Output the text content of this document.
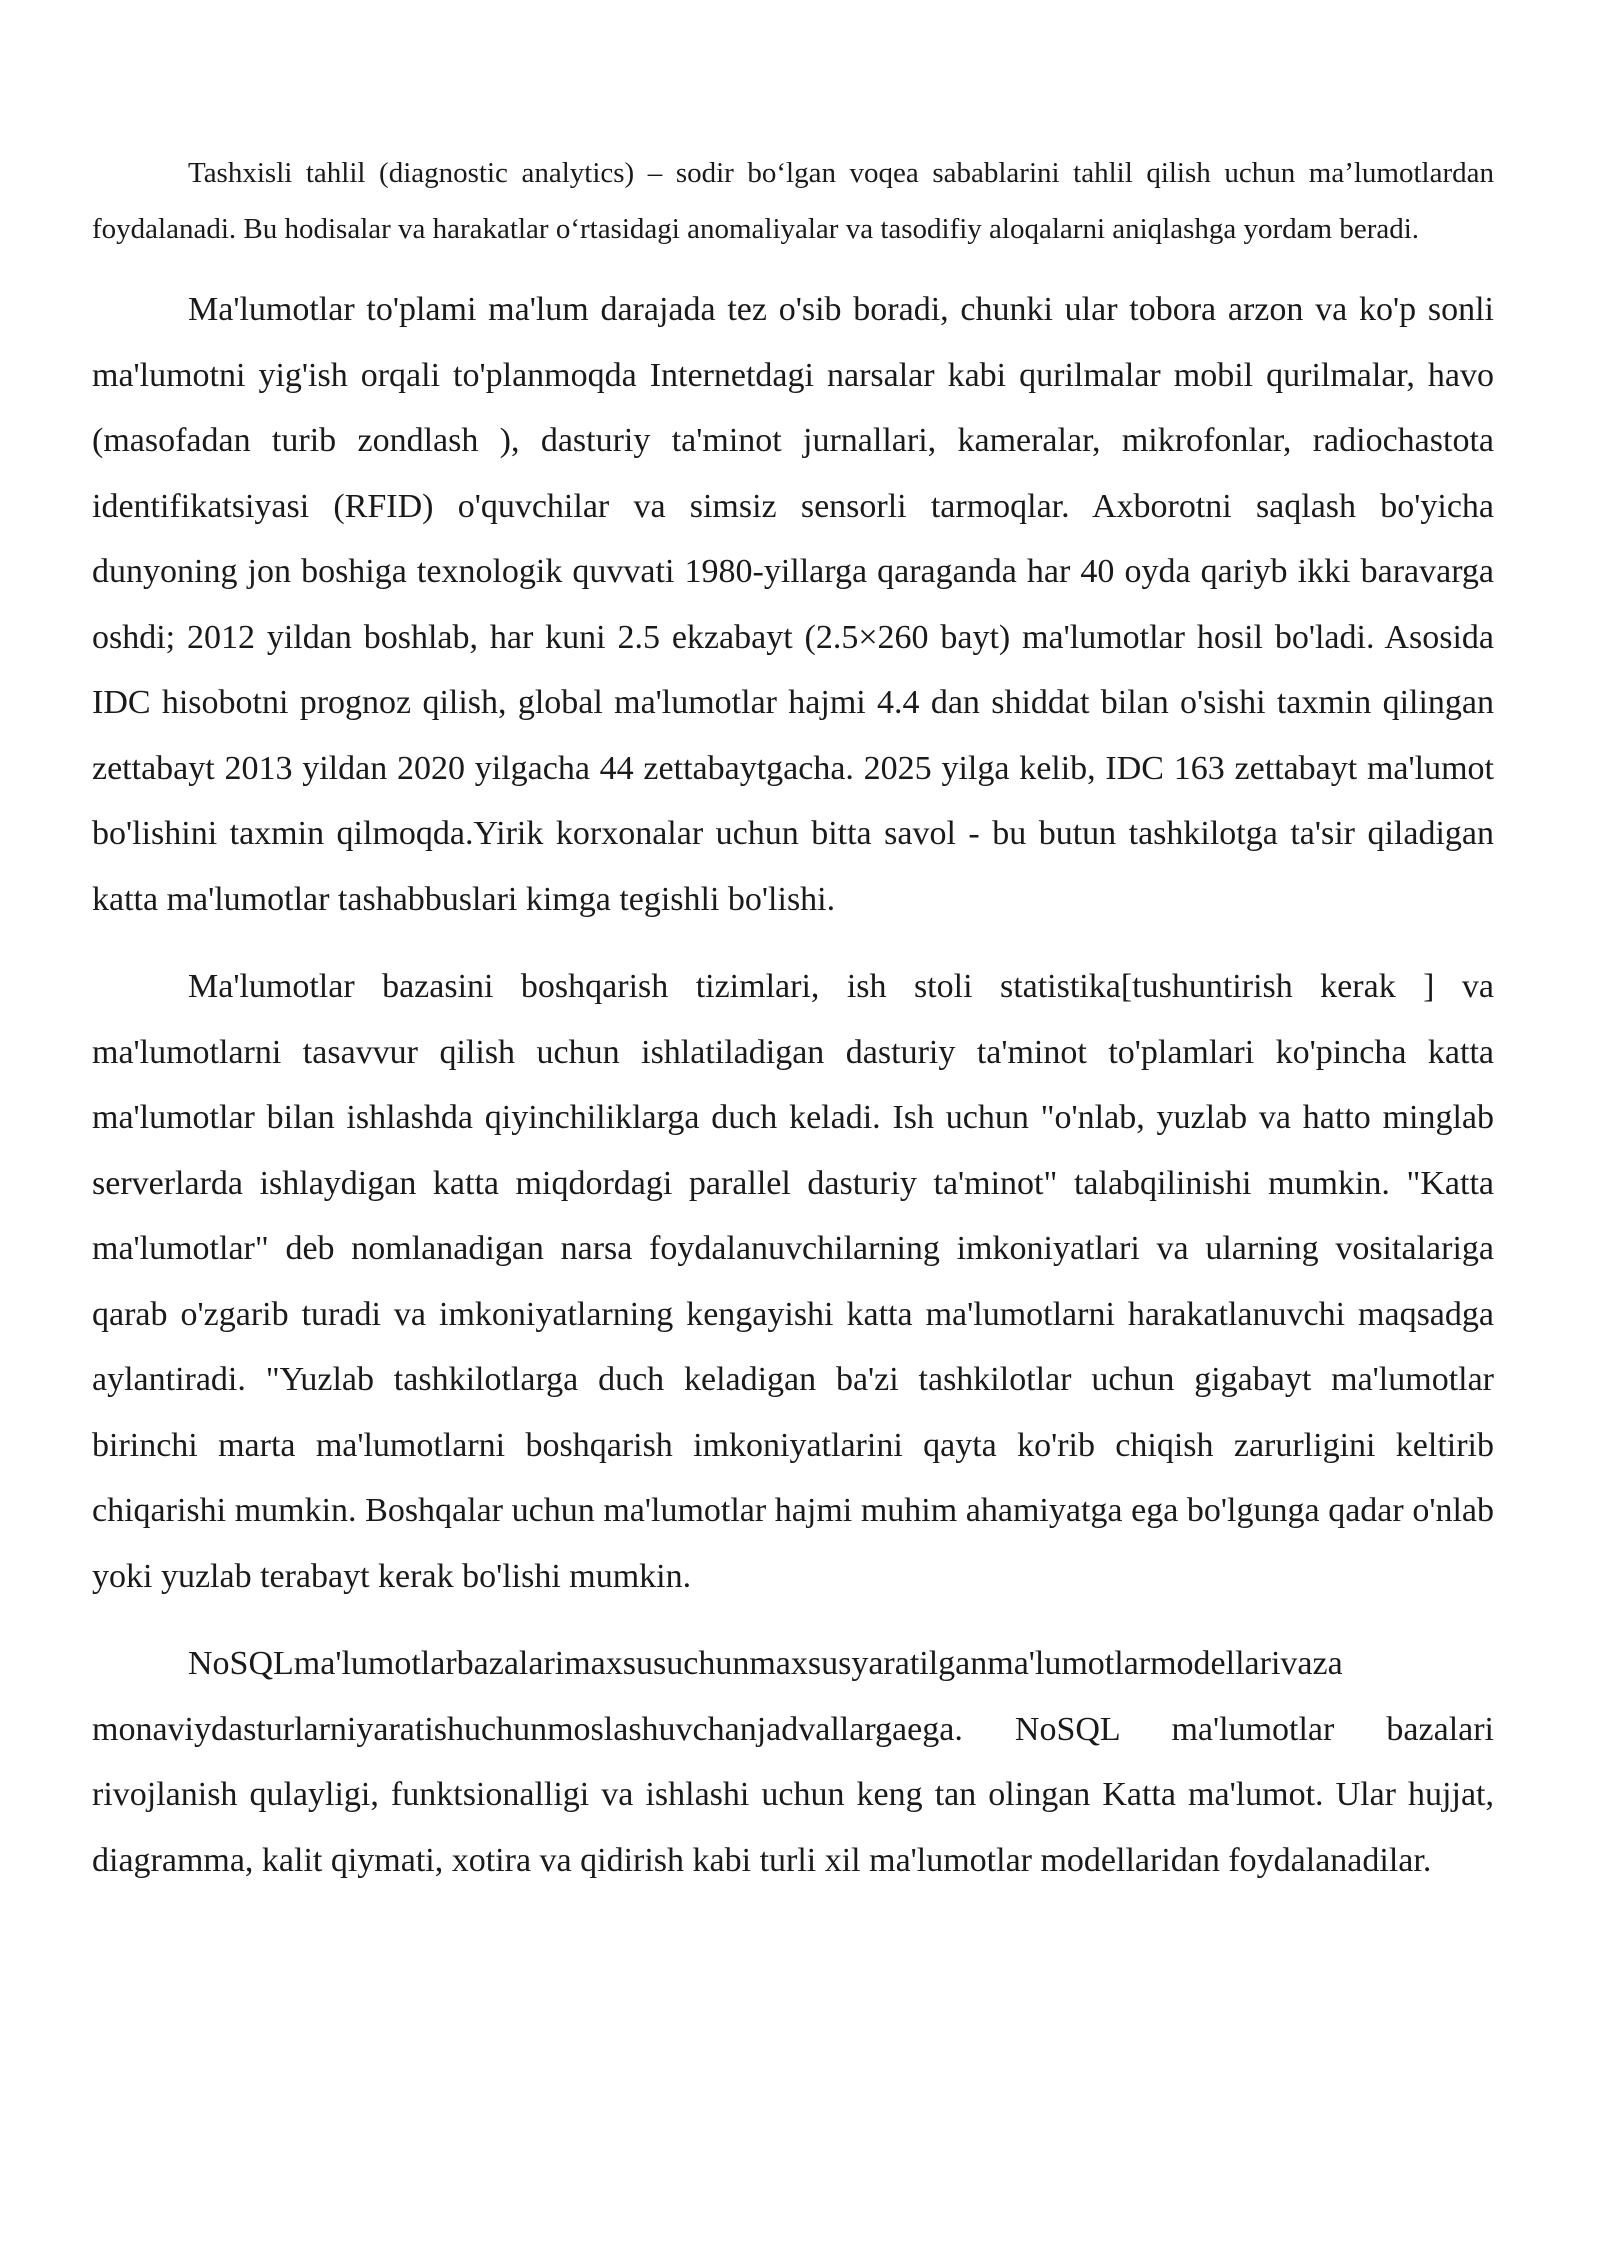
Tashxisli tahlil (diagnostic analytics) – sodir bo‘lgan voqea sabablarini tahlil qilish uchun ma’lumotlardan foydalanadi. Bu hodisalar va harakatlar o‘rtasidagi anomaliyalar va tasodifiy aloqalarni aniqlashga yordam beradi.

Ma'lumotlar to'plami ma'lum darajada tez o'sib boradi, chunki ular tobora arzon va ko'p sonli ma'lumotni yig'ish orqali to'planmoqda Internetdagi narsalar kabi qurilmalar mobil qurilmalar, havo (masofadan turib zondlash ), dasturiy ta'minot jurnallari, kameralar, mikrofonlar, radiochastota identifikatsiyasi (RFID) o'quvchilar va simsiz sensorli tarmoqlar. Axborotni saqlash bo'yicha dunyoning jon boshiga texnologik quvvati 1980-yillarga qaraganda har 40 oyda qariyb ikki baravarga oshdi; 2012 yildan boshlab, har kuni 2.5 ekzabayt (2.5×260 bayt) ma'lumotlar hosil bo'ladi. Asosida IDC hisobotni prognoz qilish, global ma'lumotlar hajmi 4.4 dan shiddat bilan o'sishi taxmin qilingan zettabayt 2013 yildan 2020 yilgacha 44 zettabaytgacha. 2025 yilga kelib, IDC 163 zettabayt ma'lumot bo'lishini taxmin qilmoqda.Yirik korxonalar uchun bitta savol - bu butun tashkilotga ta'sir qiladigan katta ma'lumotlar tashabbuslari kimga tegishli bo'lishi.

Ma'lumotlar bazasini boshqarish tizimlari, ish stoli statistika[tushuntirish kerak ] va ma'lumotlarni tasavvur qilish uchun ishlatiladigan dasturiy ta'minot to'plamlari ko'pincha katta ma'lumotlar bilan ishlashda qiyinchiliklarga duch keladi. Ish uchun "o'nlab, yuzlab va hatto minglab serverlarda ishlaydigan katta miqdordagi parallel dasturiy ta'minot" talabqilinishi mumkin. "Katta ma'lumotlar" deb nomlanadigan narsa foydalanuvchilarning imkoniyatlari va ularning vositalariga qarab o'zgarib turadi va imkoniyatlarning kengayishi katta ma'lumotlarni harakatlanuvchi maqsadga aylantiradi. "Yuzlab tashkilotlarga duch keladigan ba'zi tashkilotlar uchun gigabayt ma'lumotlar birinchi marta ma'lumotlarni boshqarish imkoniyatlarini qayta ko'rib chiqish zarurligini keltirib chiqarishi mumkin. Boshqalar uchun ma'lumotlar hajmi muhim ahamiyatga ega bo'lgunga qadar o'nlab yoki yuzlab terabayt kerak bo'lishi mumkin.

NoSQLma'lumotlarbazalarimaxsusuchunmaxsusyaratilganma'lumotlarmodellarivaza monaviydasturlarniyaratishuchunmoslashuvchanjadvallargaega. NoSQL ma'lumotlar bazalari rivojlanish qulayligi, funktsionalligi va ishlashi uchun keng tan olingan Katta ma'lumot. Ular hujjat, diagramma, kalit qiymati, xotira va qidirish kabi turli xil ma'lumotlar modellaridan foydalanadilar.
